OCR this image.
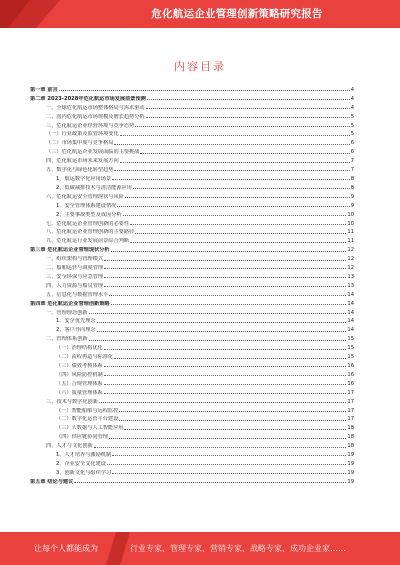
危化航运企业管理创新策略研究报告
内容目录
第一章 前言	4
第二章 2023-2028年危化航运市场发展前景预测	4
一、全球危化航运市场整体格局与需求驱动	4
二、国内危化航运市场规模及增长趋势分析	5
三、危化航运企业经营环境与竞争态势	5
（一）行业政策及监管环境变化	5
（二）市场集中度与竞争格局	6
（三）危化航运企业发展面临的主要挑战	6
四、危化航运市场未来发展方向	7
五、数字化与绿色化转型趋势	7
1、航运数字化应用场景	8
2、低碳减排技术与清洁能源应用	8
六、危化航运安全管理现状与风险	9
1、安全管理体系建设情况	9
2、主要事故类型及成因分析	10
七、危化航运企业管理创新的必要性	10
八、危化航运企业管理创新的主要路径	11
九、危化航运行业发展前景综合判断	11
第三章 危化航运企业管理现状分析	12
一、组织架构与管理模式	12
二、船舶运营与调度管理	12
三、安全环保与应急管理	13
四、人力资源与船员管理	13
五、信息化与数据管理水平	14
第四章 危化航运企业管理创新策略	14
一、管理理念创新	14
1、安全优先理念	14
2、客户导向理念	14
二、管理体系创新	15
（一）治理结构优化	15
（二）流程再造与标准化	15
（三）绩效考核体系	16
（四）风险防控机制	16
（五）合规管理体系	16
（六）质量管理体系	17
三、技术与数字化创新	17
（一）智能船舶与远程监控	17
（二）数字化运营平台建设	17
（三）大数据与人工智能应用	18
（四）供应链协同管理	18
四、人才与文化创新	18
1、人才培养与激励机制	19
2、企业安全文化建设	19
3、创新文化与组织学习	19
第五章 结论与建议	19
让每个人都能成为	行业专家、管理专家、营销专家、战略专家、成功企业家……
